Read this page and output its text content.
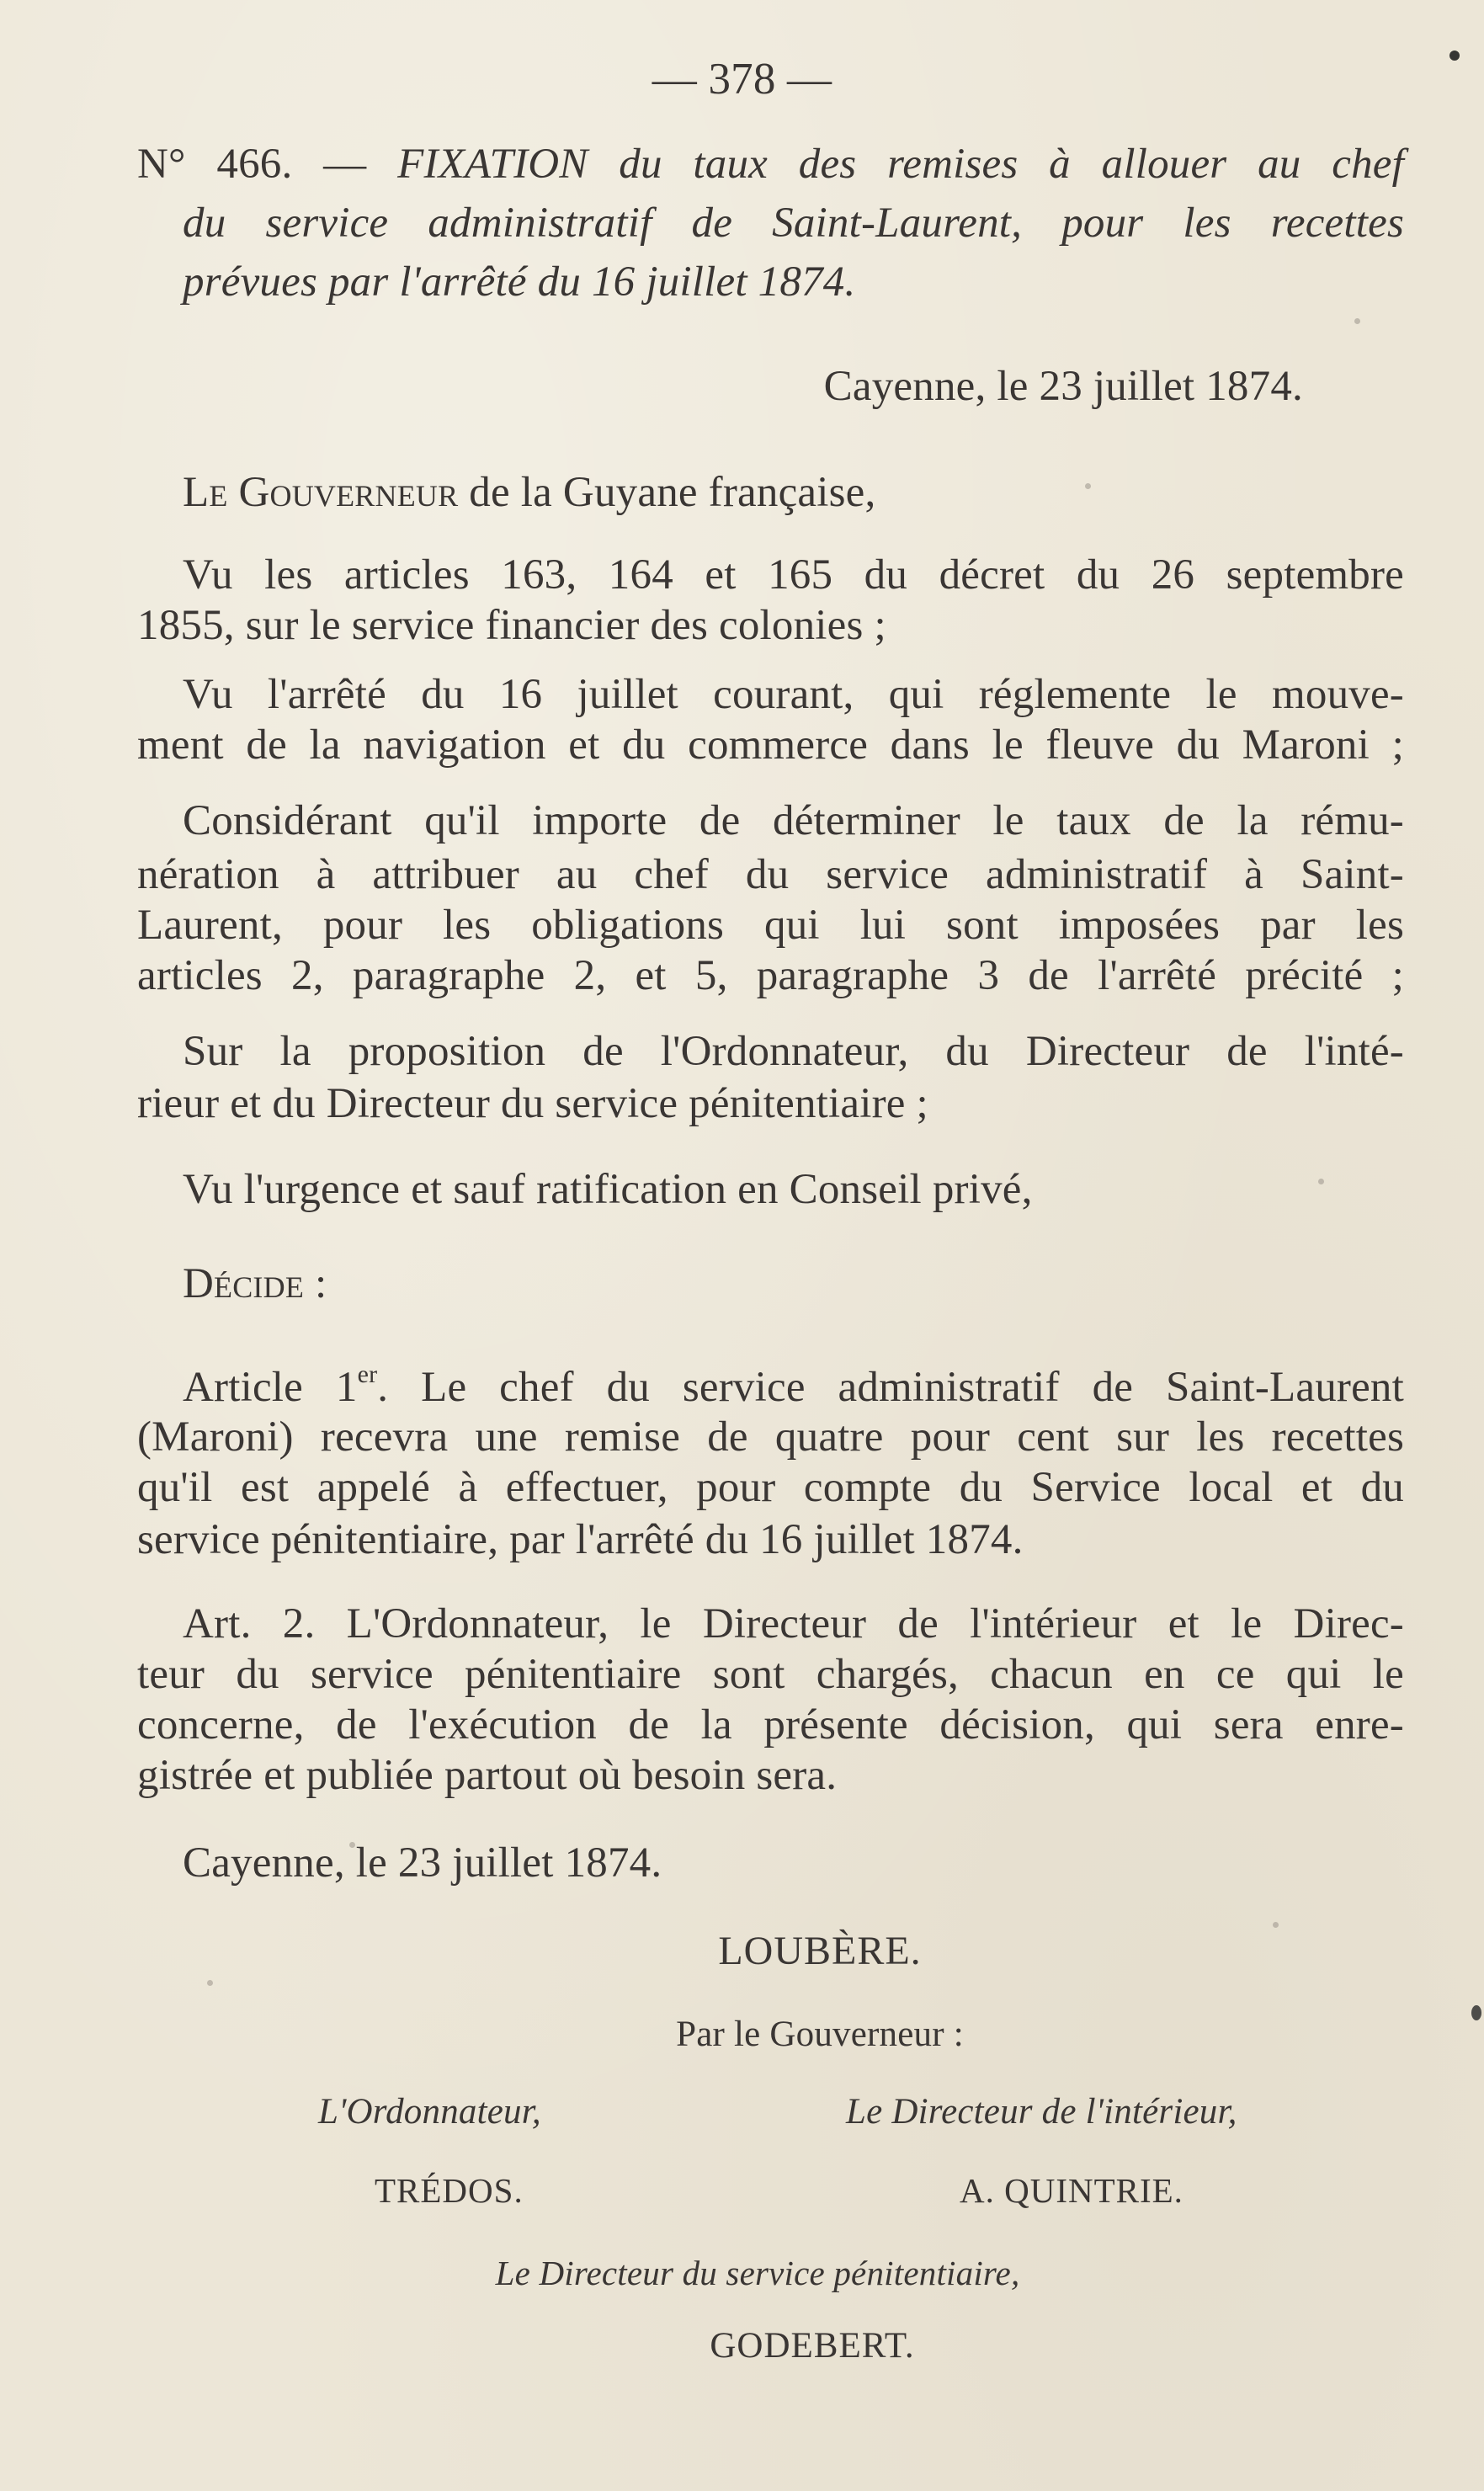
— 378 —
N° 466. — FIXATION du taux des remises à allouer au chef
du service administratif de Saint-Laurent, pour les recettes
prévues par l'arrêté du 16 juillet 1874.
Cayenne, le 23 juillet 1874.
Le Gouverneur de la Guyane française,
Vu les articles 163, 164 et 165 du décret du 26 septembre
1855, sur le service financier des colonies ;
Vu l'arrêté du 16 juillet courant, qui réglemente le mouve-
ment de la navigation et du commerce dans le fleuve du Maroni ;
Considérant qu'il importe de déterminer le taux de la rému-
nération à attribuer au chef du service administratif à Saint-
Laurent, pour les obligations qui lui sont imposées par les
articles 2, paragraphe 2, et 5, paragraphe 3 de l'arrêté précité ;
Sur la proposition de l'Ordonnateur, du Directeur de l'inté-
rieur et du Directeur du service pénitentiaire ;
Vu l'urgence et sauf ratification en Conseil privé,
Décide :
Article 1er. Le chef du service administratif de Saint-Laurent
(Maroni) recevra une remise de quatre pour cent sur les recettes
qu'il est appelé à effectuer, pour compte du Service local et du
service pénitentiaire, par l'arrêté du 16 juillet 1874.
Art. 2. L'Ordonnateur, le Directeur de l'intérieur et le Direc-
teur du service pénitentiaire sont chargés, chacun en ce qui le
concerne, de l'exécution de la présente décision, qui sera enre-
gistrée et publiée partout où besoin sera.
Cayenne, le 23 juillet 1874.
LOUBÈRE.
Par le Gouverneur :
L'Ordonnateur,	Le Directeur de l'intérieur,
TRÉDOS.	A. QUINTRIE.
Le Directeur du service pénitentiaire,
GODEBERT.
